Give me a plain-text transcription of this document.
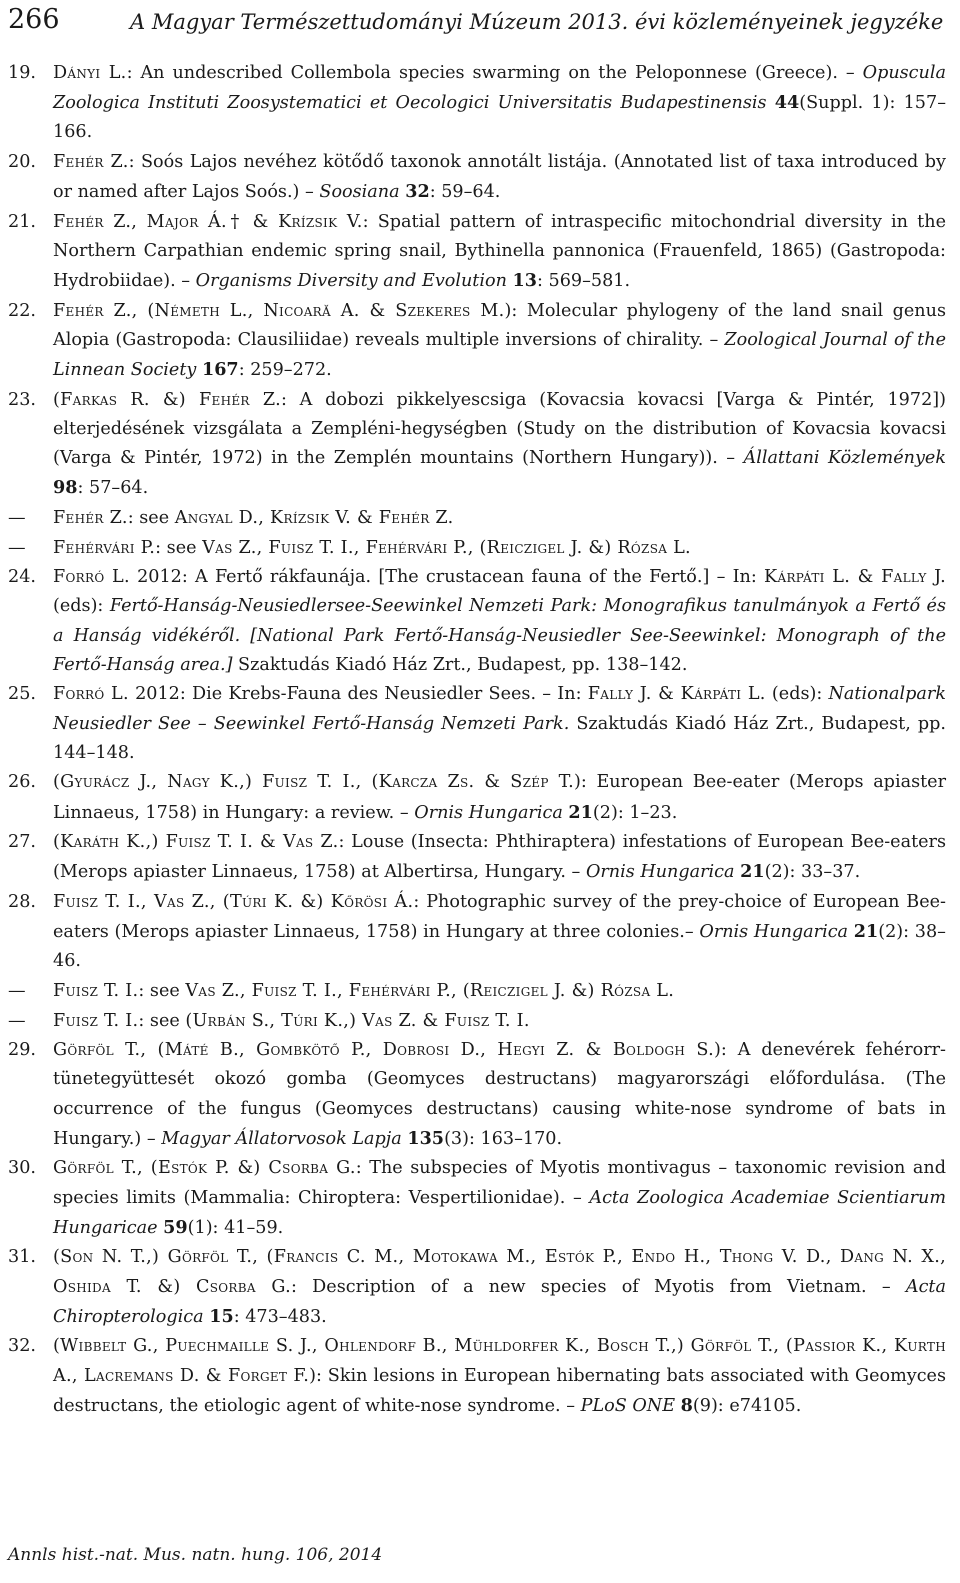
266	A Magyar Természettudományi Múzeum 2013. évi közleményeinek jegyzéke
19. Dányi L.: An undescribed Collembola species swarming on the Peloponnese (Greece). – Opuscula Zoologica Instituti Zoosystematici et Oecologici Universitatis Budapestinensis 44(Suppl. 1): 157–166.
20. Fehér Z.: Soós Lajos nevéhez kötődő taxonok annotált listája. (Annotated list of taxa introduced by or named after Lajos Soós.) – Soosiana 32: 59–64.
21. Fehér Z., Major Á.† & Krízsik V.: Spatial pattern of intraspecific mitochondrial diversity in the Northern Carpathian endemic spring snail, Bythinella pannonica (Frauenfeld, 1865) (Gastropoda: Hydrobiidae). – Organisms Diversity and Evolution 13: 569–581.
22. Fehér Z., (Németh L., Nicoară A. & Szekeres M.): Molecular phylogeny of the land snail genus Alopia (Gastropoda: Clausiliidae) reveals multiple inversions of chirality. – Zoological Journal of the Linnean Society 167: 259–272.
23. (Farkas R. &) Fehér Z.: A dobozi pikkelyescsiga (Kovacsia kovacsi [Varga & Pintér, 1972]) elterjedésének vizsgálata a Zempléni-hegységben (Study on the distribution of Kovacsia kovacsi (Varga & Pintér, 1972) in the Zemplén mountains (Northern Hungary)). – Állattani Közlemények 98: 57–64.
— Fehér Z.: see Angyal D., Krízsik V. & Fehér Z.
— Fehérvári P.: see Vas Z., Fuisz T. I., Fehérvári P., (Reiczigel J. &) Rózsa L.
24. Forró L. 2012: A Fertő rákfaunája. [The crustacean fauna of the Fertő.] – In: Kárpáti L. & Fally J. (eds): Fertő-Hanság-Neusiedlersee-Seewinkel Nemzeti Park: Monografikus tanulmányok a Fertő és a Hanság vidékéről. [National Park Fertő-Hanság-Neusiedler See-Seewinkel: Monograph of the Fertő-Hanság area.] Szaktudás Kiadó Ház Zrt., Budapest, pp. 138–142.
25. Forró L. 2012: Die Krebs-Fauna des Neusiedler Sees. – In: Fally J. & Kárpáti L. (eds): Nationalpark Neusiedler See – Seewinkel Fertő-Hanság Nemzeti Park. Szaktudás Kiadó Ház Zrt., Budapest, pp. 144–148.
26. (Gyurácz J., Nagy K.,) Fuisz T. I., (Karcza Zs. & Szép T.): European Bee-eater (Merops apiaster Linnaeus, 1758) in Hungary: a review. – Ornis Hungarica 21(2): 1–23.
27. (Karáth K.,) Fuisz T. I. & Vas Z.: Louse (Insecta: Phthiraptera) infestations of European Bee-eaters (Merops apiaster Linnaeus, 1758) at Albertirsa, Hungary. – Ornis Hungarica 21(2): 33–37.
28. Fuisz T. I., Vas Z., (Túri K. &) Kőrösi Á.: Photographic survey of the prey-choice of European Bee-eaters (Merops apiaster Linnaeus, 1758) in Hungary at three colonies.– Ornis Hungarica 21(2): 38–46.
— Fuisz T. I.: see Vas Z., Fuisz T. I., Fehérvári P., (Reiczigel J. &) Rózsa L.
— Fuisz T. I.: see (Urbán S., Túri K.,) Vas Z. & Fuisz T. I.
29. Görföl T., (Máté B., Gombkötő P., Dobrosi D., Hegyi Z. & Boldogh S.): A denevérek fehérorr-tünetegyüttesét okozó gomba (Geomyces destructans) magyarországi előfordulása. (The occurrence of the fungus (Geomyces destructans) causing white-nose syndrome of bats in Hungary.) – Magyar Állatorvosok Lapja 135(3): 163–170.
30. Görföl T., (Estók P. &) Csorba G.: The subspecies of Myotis montivagus – taxonomic revision and species limits (Mammalia: Chiroptera: Vespertilionidae). – Acta Zoologica Academiae Scientiarum Hungaricae 59(1): 41–59.
31. (Son N. T.,) Görföl T., (Francis C. M., Motokawa M., Estók P., Endo H., Thong V. D., Dang N. X., Oshida T. &) Csorba G.: Description of a new species of Myotis from Vietnam. – Acta Chiropterologica 15: 473–483.
32. (Wibbelt G., Puechmaille S. J., Ohlendorf B., Mühldorfer K., Bosch T.,) Görföl T., (Passior K., Kurth A., Lacremans D. & Forget F.): Skin lesions in European hibernating bats associated with Geomyces destructans, the etiologic agent of white-nose syndrome. – PLoS ONE 8(9): e74105.
Annls hist.-nat. Mus. natn. hung. 106, 2014
